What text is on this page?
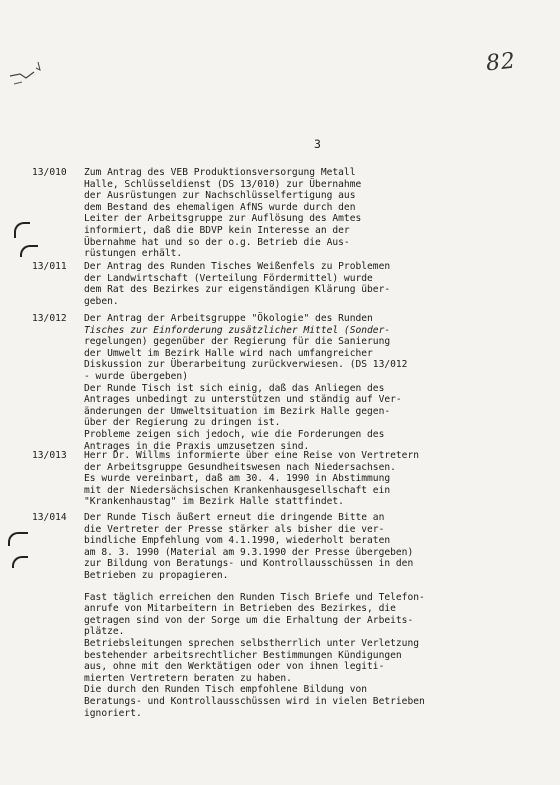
82
3
13/010	Zum Antrag des VEB Produktionsversorgung Metall
Halle, Schlüsseldienst (DS 13/010) zur Übernahme
der Ausrüstungen zur Nachschlüsselfertigung aus
dem Bestand des ehemaligen AfNS wurde durch den
Leiter der Arbeitsgruppe zur Auflösung des Amtes
informiert, daß die BDVP kein Interesse an der
Übernahme hat und so der o.g. Betrieb die Aus-
rüstungen erhält.
13/011	Der Antrag des Runden Tisches Weißenfels zu Problemen
der Landwirtschaft (Verteilung Fördermittel) wurde
dem Rat des Bezirkes zur eigenständigen Klärung über-
geben.
13/012	Der Antrag der Arbeitsgruppe "Ökologie" des Runden
Tisches zur Einforderung zusätzlicher Mittel (Sonder-
regelungen) gegenüber der Regierung für die Sanierung
der Umwelt im Bezirk Halle wird nach umfangreicher
Diskussion zur Überarbeitung zurückverwiesen. (DS 13/012
- wurde übergeben)
Der Runde Tisch ist sich einig, daß das Anliegen des
Antrages unbedingt zu unterstützen und ständig auf Ver-
änderungen der Umweltsituation im Bezirk Halle gegen-
über der Regierung zu dringen ist.
Probleme zeigen sich jedoch, wie die Forderungen des
Antrages in die Praxis umzusetzen sind.
13/013	Herr Dr. Willms informierte über eine Reise von Vertretern
der Arbeitsgruppe Gesundheitswesen nach Niedersachsen.
Es wurde vereinbart, daß am 30. 4. 1990 in Abstimmung
mit der Niedersächsischen Krankenhausgesellschaft ein
"Krankenhaustag" im Bezirk Halle stattfindet.
13/014	Der Runde Tisch äußert erneut die dringende Bitte an
die Vertreter der Presse stärker als bisher die ver-
bindliche Empfehlung vom 4.1.1990, wiederholt beraten
am 8. 3. 1990 (Material am 9.3.1990 der Presse übergeben)
zur Bildung von Beratungs- und Kontrollausschüssen in den
Betrieben zu propagieren.
Fast täglich erreichen den Runden Tisch Briefe und Telefon-
anrufe von Mitarbeitern in Betrieben des Bezirkes, die
getragen sind von der Sorge um die Erhaltung der Arbeits-
plätze.
Betriebsleitungen sprechen selbstherrlich unter Verletzung
bestehender arbeitsrechtlicher Bestimmungen Kündigungen
aus, ohne mit den Werktätigen oder von ihnen legiti-
mierten Vertretern beraten zu haben.
Die durch den Runden Tisch empfohlene Bildung von
Beratungs- und Kontrollausschüssen wird in vielen Betrieben
ignoriert.
